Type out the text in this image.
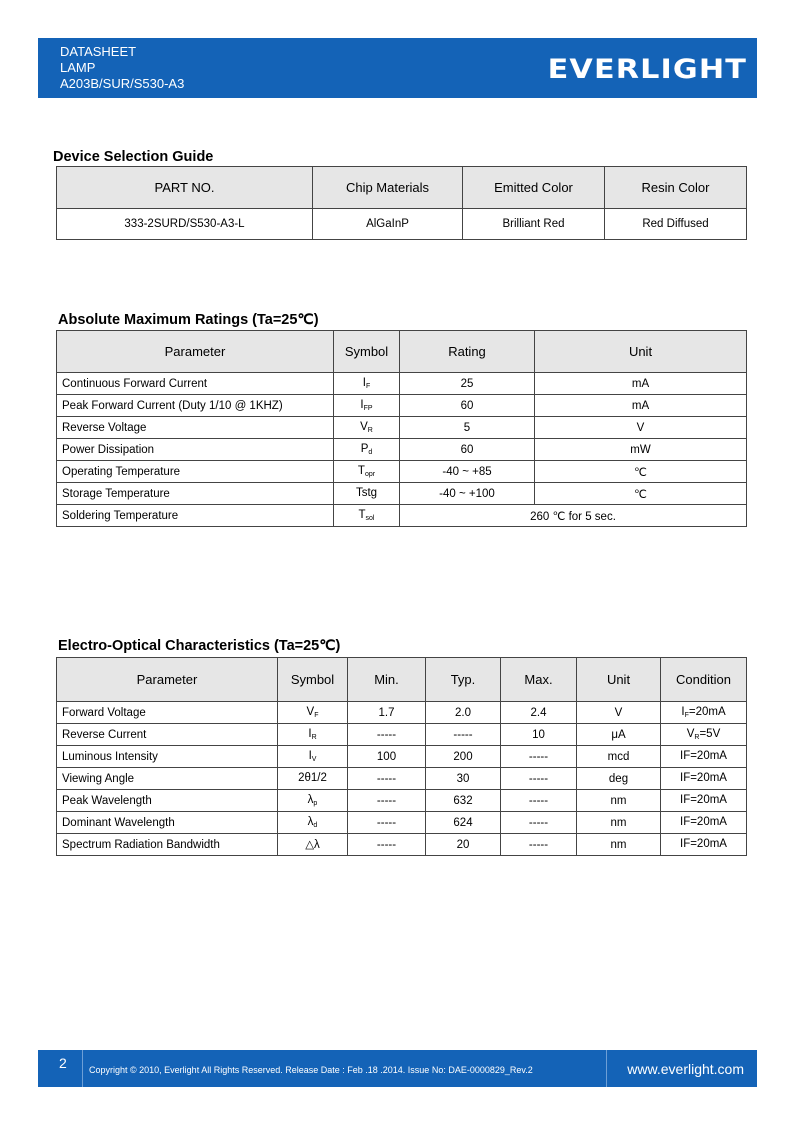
DATASHEET
LAMP
A203B/SUR/S530-A3	EVERLIGHT
Device Selection Guide
PART NO.	Chip Materials	Emitted Color	Resin Color
333-2SURD/S530-A3-L	AlGaInP	Brilliant Red	Red Diffused
Absolute Maximum Ratings (Ta=25℃)
Parameter	Symbol	Rating	Unit
Continuous Forward Current	$I_F$	25	mA
Peak Forward Current (Duty 1/10 @ 1KHZ)	$I_{FP}$	60	mA
Reverse Voltage	$V_R$	5	V
Power Dissipation	$P_d$	60	mW
Operating Temperature	$T_{opr}$	-40 ~ +85	℃
Storage Temperature	Tstg	-40 ~ +100	℃
Soldering Temperature	$T_{sol}$	260 ℃ for 5 sec.	
Electro-Optical Characteristics (Ta=25℃)
Parameter	Symbol	Min.	Typ.	Max.	Unit	Condition
Forward Voltage	$V_F$	1.7	2.0	2.4	V	$I_F=20mA$
Reverse Current	$I_R$	-----	-----	10	μA	$V_R=5V$
Luminous Intensity	$I_V$	100	200	-----	mcd	IF=20mA
Viewing Angle	2θ1/2	-----	30	-----	deg	IF=20mA
Peak Wavelength	$\lambda_p$	-----	632	-----	nm	IF=20mA
Dominant Wavelength	$\lambda_d$	-----	624	-----	nm	IF=20mA
Spectrum Radiation Bandwidth	△λ	-----	20	-----	nm	IF=20mA
2 Copyright © 2010, Everlight All Rights Reserved. Release Date : Feb .18 .2014. Issue No: DAE-0000829_Rev.2	www.everlight.com
